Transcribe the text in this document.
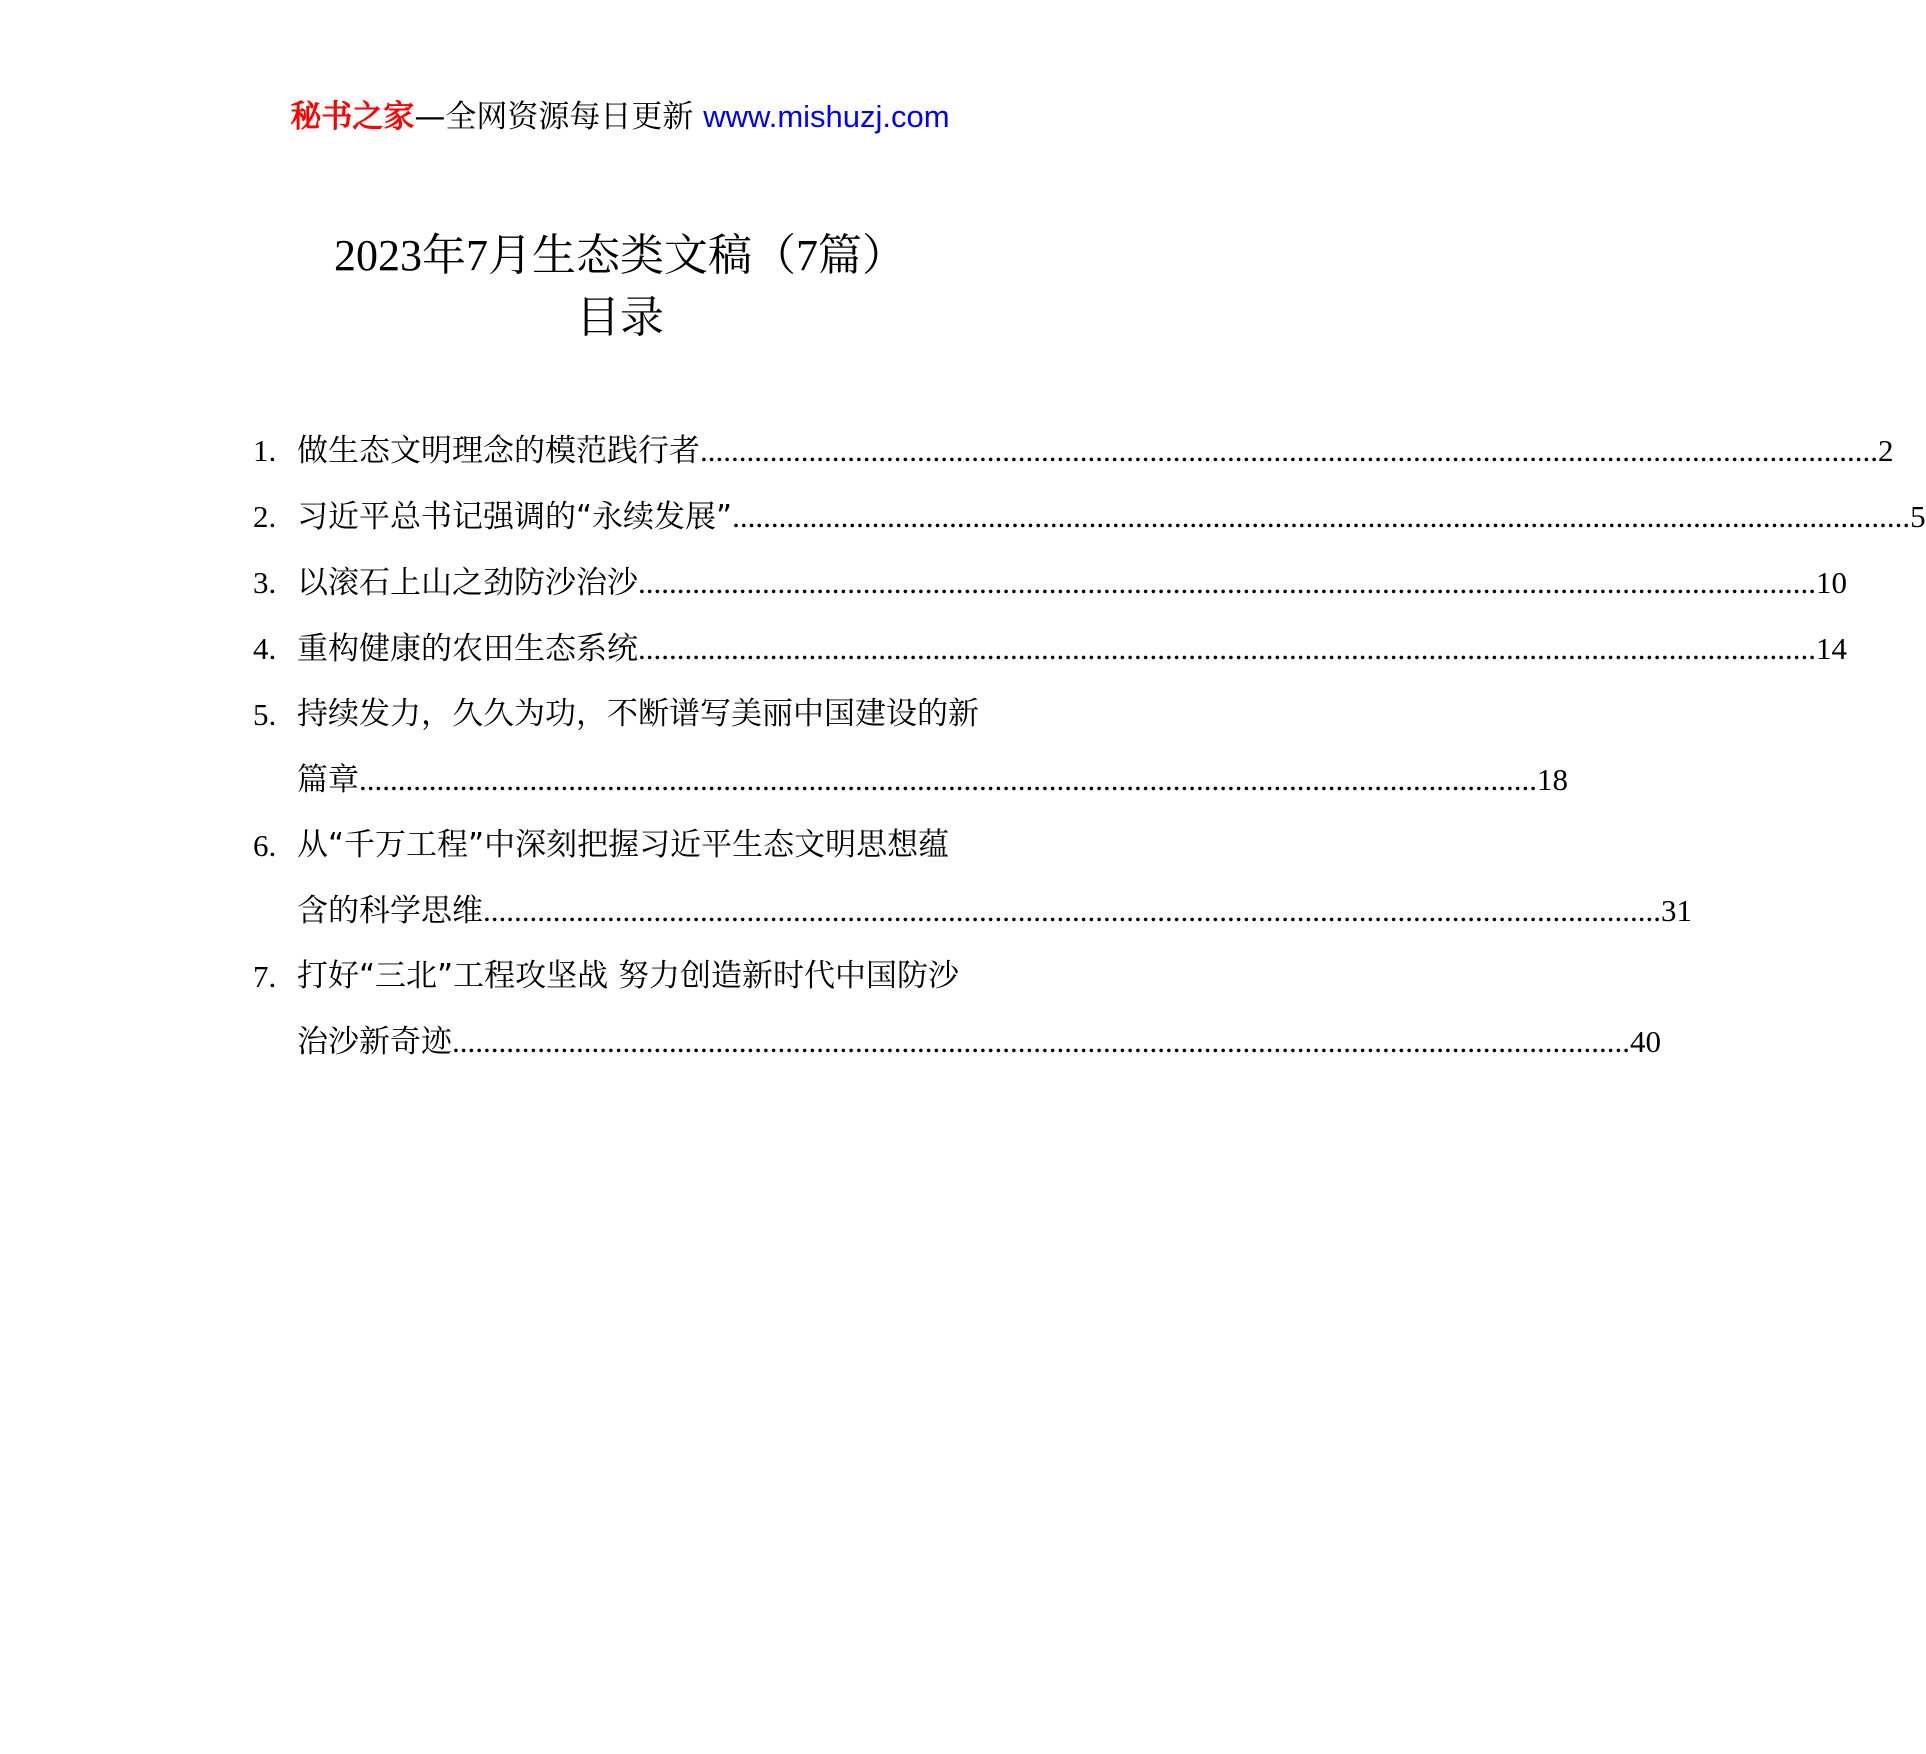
秘书之家—全网资源每日更新 www.mishuzj.com
2023年7月生态类文稿（7篇）
目录
1. 做生态文明理念的模范践行者 ........................................................................................................................................................ 2
2. 习近平总书记强调的“永续发展” ........................................................................................................................................................ 5
3. 以滚石上山之劲防沙治沙 ........................................................................................................................................................ 10
4. 重构健康的农田生态系统 ........................................................................................................................................................ 14
5. 持续发力，久久为功，不断谱写美丽中国建设的新
篇章 ........................................................................................................................................................ 18
6. 从“千万工程”中深刻把握习近平生态文明思想蕴
含的科学思维 ........................................................................................................................................................ 31
7. 打好“三北”工程攻坚战 努力创造新时代中国防沙
治沙新奇迹 ........................................................................................................................................................ 40
